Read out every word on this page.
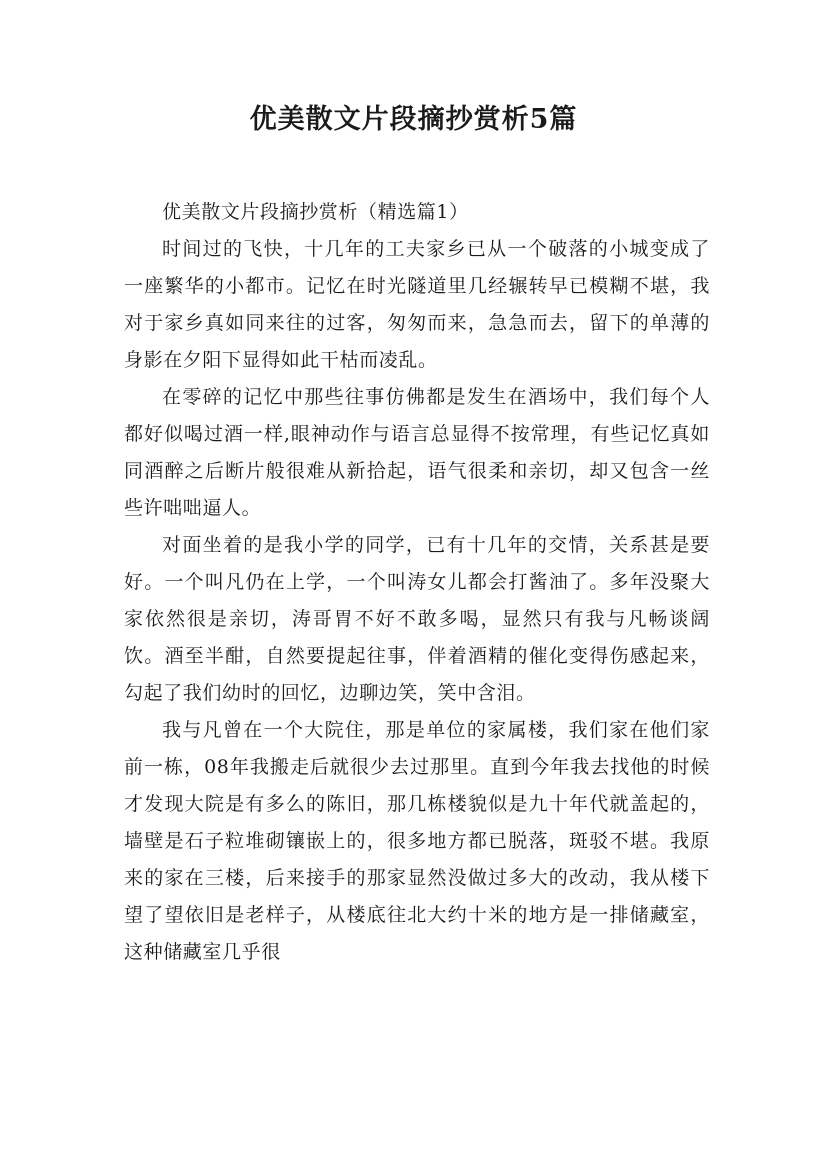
优美散文片段摘抄赏析5篇

优美散文片段摘抄赏析（精选篇1）

时间过的飞快，十几年的工夫家乡已从一个破落的小城变成了一座繁华的小都市。记忆在时光隧道里几经辗转早已模糊不堪，我对于家乡真如同来往的过客，匆匆而来，急急而去，留下的单薄的身影在夕阳下显得如此干枯而凌乱。

在零碎的记忆中那些往事仿佛都是发生在酒场中，我们每个人都好似喝过酒一样,眼神动作与语言总显得不按常理，有些记忆真如同酒醉之后断片般很难从新拾起，语气很柔和亲切，却又包含一丝些许咄咄逼人。

对面坐着的是我小学的同学，已有十几年的交情，关系甚是要好。一个叫凡仍在上学，一个叫涛女儿都会打酱油了。多年没聚大家依然很是亲切，涛哥胃不好不敢多喝，显然只有我与凡畅谈阔饮。酒至半酣，自然要提起往事，伴着酒精的催化变得伤感起来，勾起了我们幼时的回忆，边聊边笑，笑中含泪。

我与凡曾在一个大院住，那是单位的家属楼，我们家在他们家前一栋，08年我搬走后就很少去过那里。直到今年我去找他的时候才发现大院是有多么的陈旧，那几栋楼貌似是九十年代就盖起的，墙壁是石子粒堆砌镶嵌上的，很多地方都已脱落，斑驳不堪。我原来的家在三楼，后来接手的那家显然没做过多大的改动，我从楼下望了望依旧是老样子，从楼底往北大约十米的地方是一排储藏室，这种储藏室几乎很
